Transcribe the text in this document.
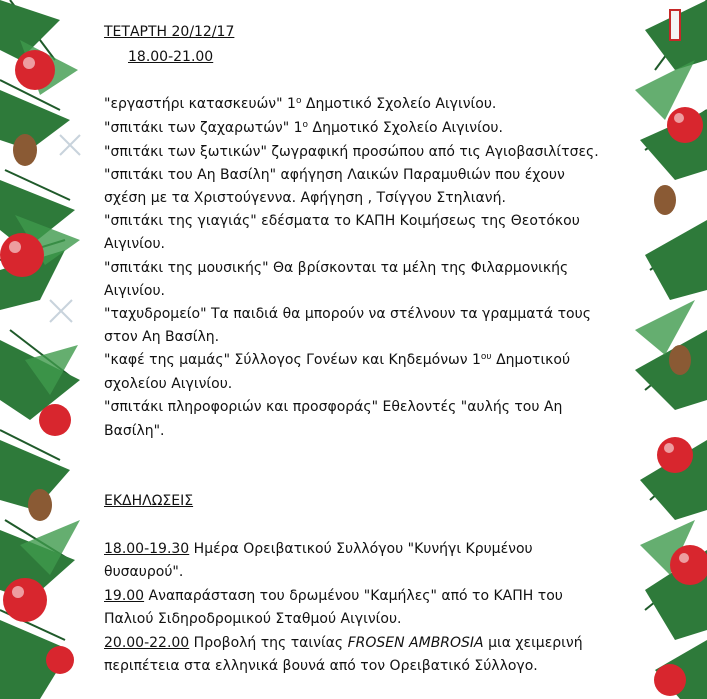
ΤΕΤΑΡΤΗ 20/12/17
18.00-21.00
"εργαστήρι κατασκευών" $1^o$ Δημοτικό Σχολείο Αιγινίου.
"σπιτάκι των ζαχαρωτών" $1^o$ Δημοτικό Σχολείο Αιγινίου.
"σπιτάκι των ξωτικών" ζωγραφική προσώπου από τις Αγιοβασιλίτσες.
"σπιτάκι του Αη Βασίλη" αφήγηση Λαικών Παραμυθιών που έχουν
σχέση με τα Χριστούγεννα. Αφήγηση , Τσίγγου Στηλιανή.
"σπιτάκι της γιαγιάς" εδέσματα το ΚΑΠΗ Κοιμήσεως της Θεοτόκου
Αιγινίου.
"σπιτάκι της μουσικής" Θα βρίσκονται τα μέλη της Φιλαρμονικής
Αιγινίου.
"ταχυδρομείο" Τα παιδιά θα μπορούν να στέλνουν τα γραμματά τους
στον Αη Βασίλη.
"καφέ της μαμάς" Σύλλογος Γονέων και Κηδεμόνων $1^{o\upsilon}$ Δημοτικού
σχολείου Αιγινίου.
"σπιτάκι πληροφοριών και προσφοράς" Εθελοντές "αυλής του Αη
Βασίλη".
ΕΚΔΗΛΩΣΕΙΣ
18.00-19.30 Ημέρα Ορειβατικού Συλλόγου "Κυνήγι Κρυμένου
θυσαυρού".
19.00 Αναπαράσταση του δρωμένου "Καμήλες" από το ΚΑΠΗ του
Παλιού Σιδηροδρομικού Σταθμού Αιγινίου.
20.00-22.00 Προβολή της ταινίας FROSEN AMBROSIA μια χειμερινή
περιπέτεια στα ελληνικά βουνά από τον Ορειβατικό Σύλλογο.
